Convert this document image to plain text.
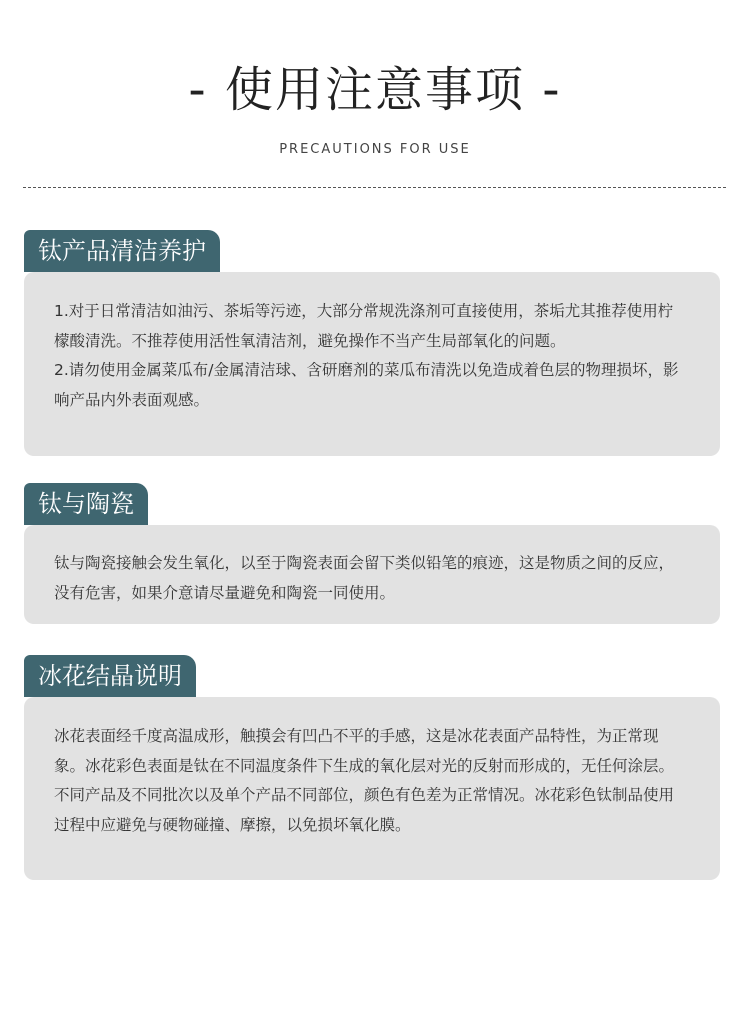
- 使用注意事项 -
PRECAUTIONS FOR USE
钛产品清洁养护

1.对于日常清洁如油污、茶垢等污迹，大部分常规洗涤剂可直接使用，茶垢尤其推荐使用柠檬酸清洗。不推荐使用活性氧清洁剂，避免操作不当产生局部氧化的问题。

2.请勿使用金属菜瓜布/金属清洁球、含研磨剂的菜瓜布清洗以免造成着色层的物理损坏，影响产品内外表面观感。

钛与陶瓷

钛与陶瓷接触会发生氧化，以至于陶瓷表面会留下类似铅笔的痕迹，这是物质之间的反应，没有危害，如果介意请尽量避免和陶瓷一同使用。

冰花结晶说明

冰花表面经千度高温成形，触摸会有凹凸不平的手感，这是冰花表面产品特性，为正常现象。冰花彩色表面是钛在不同温度条件下生成的氧化层对光的反射而形成的，无任何涂层。不同产品及不同批次以及单个产品不同部位，颜色有色差为正常情况。冰花彩色钛制品使用过程中应避免与硬物碰撞、摩擦，以免损坏氧化膜。
